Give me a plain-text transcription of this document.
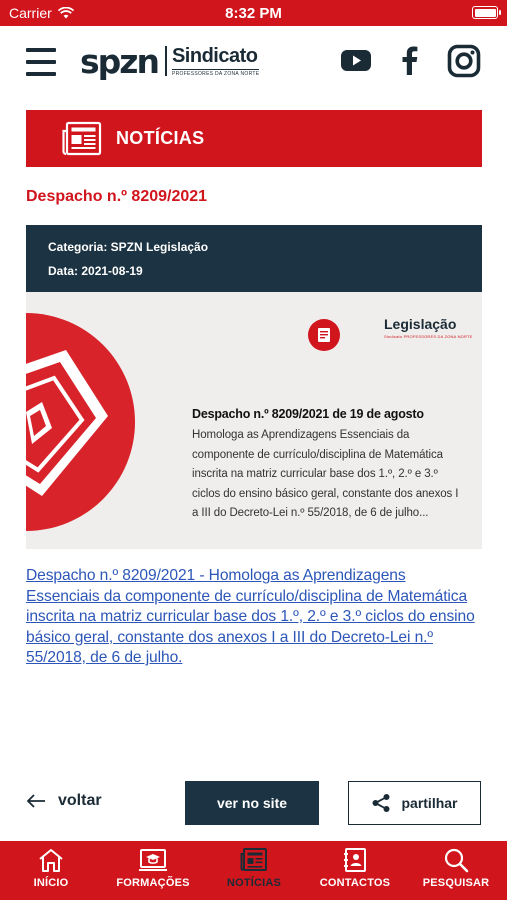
Carrier	8:32 PM
spzn Sindicato
PROFESSORES DA ZONA NORTE
NOTÍCIAS
Despacho n.º 8209/2021
Categoria: SPZN Legislação
Data: 2021-08-19
Legislação
Sindicato PROFESSORES DA ZONA NORTE
Despacho n.º 8209/2021 de 19 de agosto
Homologa as Aprendizagens Essenciais da componente de currículo/disciplina de Matemática inscrita na matriz curricular base dos 1.º, 2.º e 3.º ciclos do ensino básico geral, constante dos anexos I a III do Decreto-Lei n.º 55/2018, de 6 de julho...
Despacho n.º 8209/2021 - Homologa as Aprendizagens Essenciais da componente de currículo/disciplina de Matemática inscrita na matriz curricular base dos 1.º, 2.º e 3.º ciclos do ensino básico geral, constante dos anexos I a III do Decreto-Lei n.º 55/2018, de 6 de julho.
voltar	ver no site	partilhar
INÍCIO	FORMAÇÕES	NOTÍCIAS	CONTACTOS	PESQUISAR
